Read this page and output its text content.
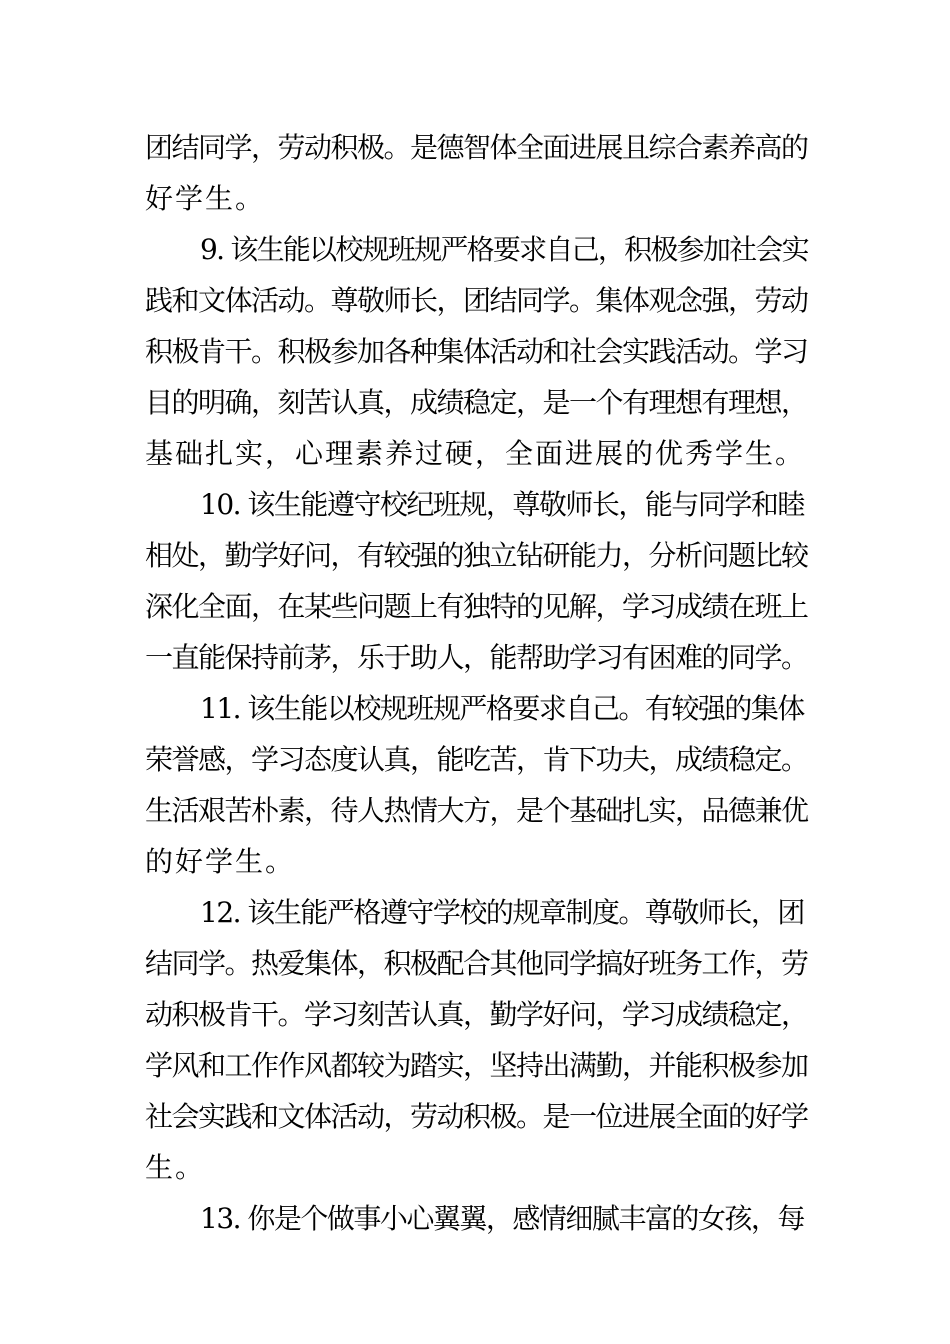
团结同学，劳动积极。是德智体全面进展且综合素养高的

好学生。

9. 该生能以校规班规严格要求自己，积极参加社会实

践和文体活动。尊敬师长，团结同学。集体观念强，劳动

积极肯干。积极参加各种集体活动和社会实践活动。学习

目的明确，刻苦认真，成绩稳定，是一个有理想有理想，

基础扎实，心理素养过硬，全面进展的优秀学生。

10. 该生能遵守校纪班规，尊敬师长，能与同学和睦

相处，勤学好问，有较强的独立钻研能力，分析问题比较

深化全面，在某些问题上有独特的见解，学习成绩在班上

一直能保持前茅，乐于助人，能帮助学习有困难的同学。

11. 该生能以校规班规严格要求自己。有较强的集体

荣誉感，学习态度认真，能吃苦，肯下功夫，成绩稳定。

生活艰苦朴素，待人热情大方，是个基础扎实，品德兼优

的好学生。

12. 该生能严格遵守学校的规章制度。尊敬师长，团

结同学。热爱集体，积极配合其他同学搞好班务工作，劳

动积极肯干。学习刻苦认真，勤学好问，学习成绩稳定，

学风和工作作风都较为踏实，坚持出满勤，并能积极参加

社会实践和文体活动，劳动积极。是一位进展全面的好学

生。

13. 你是个做事小心翼翼，感情细腻丰富的女孩，每
